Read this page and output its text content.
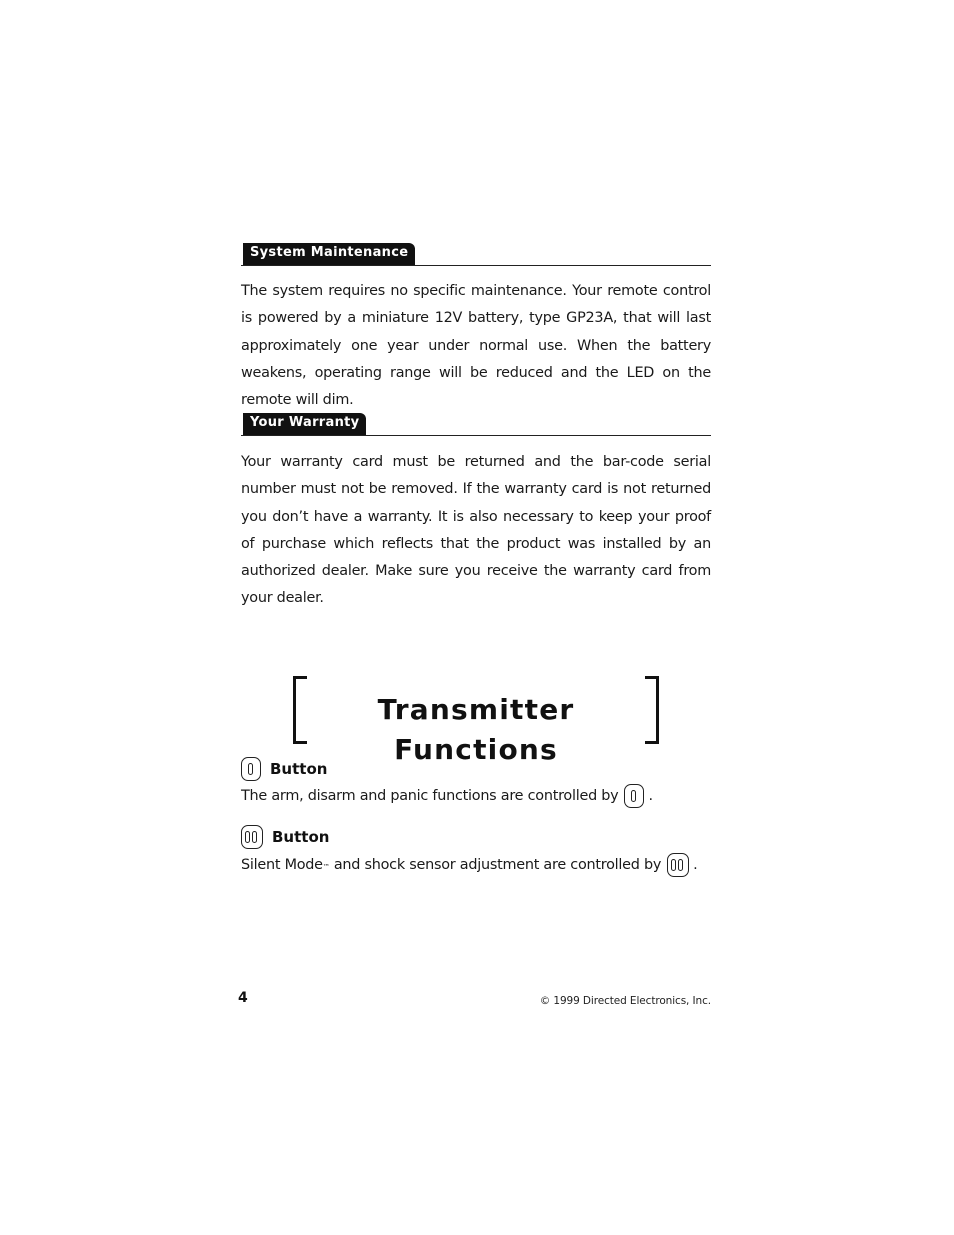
System Maintenance

The system requires no specific maintenance. Your remote control is powered by a miniature 12V battery, type GP23A, that will last approximately one year under normal use. When the battery weakens, operating range will be reduced and the LED on the remote will dim.

Your Warranty

Your warranty card must be returned and the bar-code serial number must not be removed. If the warranty card is not returned you don’t have a warranty. It is also necessary to keep your proof of purchase which reflects that the product was installed by an authorized dealer. Make sure you receive the warranty card from your dealer.

Transmitter Functions
Button
The arm, disarm and panic functions are controlled by .
Button
Silent Mode ™ and shock sensor adjustment are controlled by .
4	© 1999 Directed Electronics, Inc.
